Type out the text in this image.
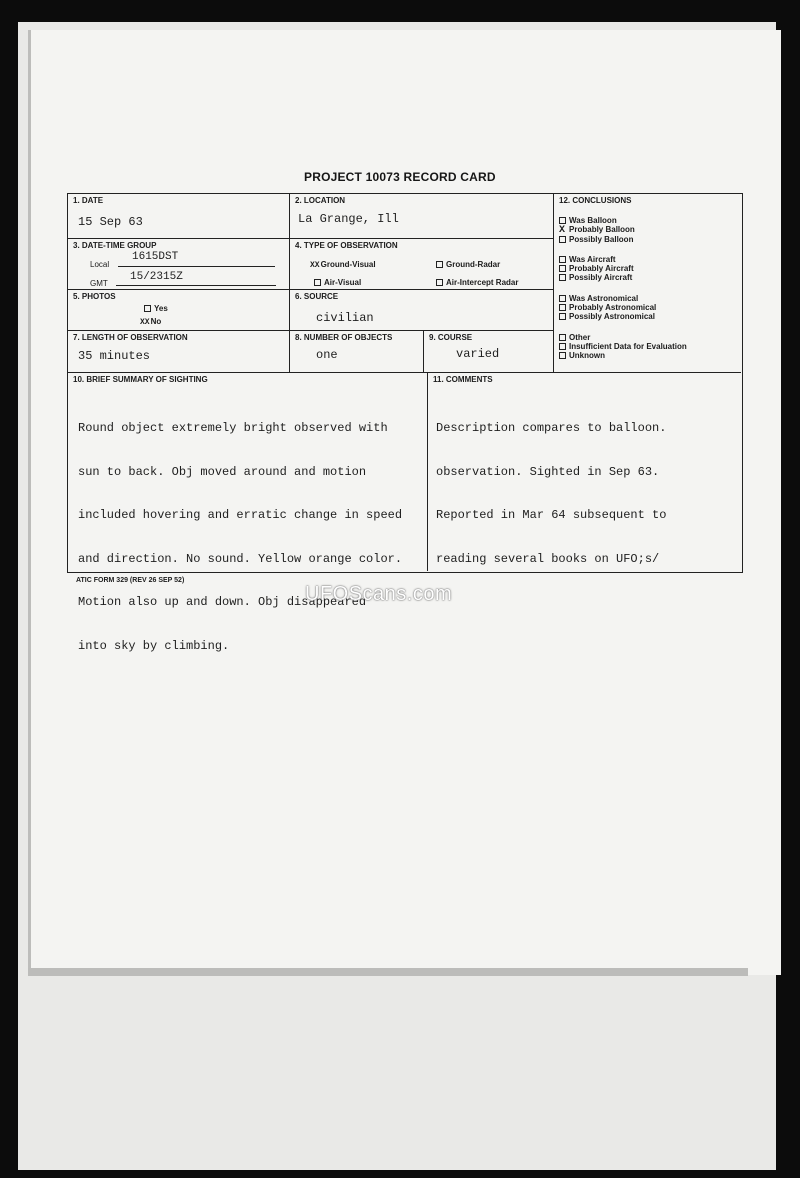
PROJECT 10073 RECORD CARD
1. DATE
15 Sep 63
2. LOCATION
La Grange, Ill
3. DATE-TIME GROUP
Local
1615DST
GMT
15/2315Z
4. TYPE OF OBSERVATION
XXGround-Visual	Ground-Radar
Air-Visual	Air-Intercept Radar
5. PHOTOS
Yes
XXNo
6. SOURCE
civilian
7. LENGTH OF OBSERVATION
35 minutes
8. NUMBER OF OBJECTS
one
9. COURSE
varied
12. CONCLUSIONS
Was Balloon
X Probably Balloon
Possibly Balloon
Was Aircraft
Probably Aircraft
Possibly Aircraft
Was Astronomical
Probably Astronomical
Possibly Astronomical
Other
Insufficient Data for Evaluation
Unknown
10. BRIEF SUMMARY OF SIGHTING

Round object extremely bright observed with

sun to back. Obj moved around and motion

included hovering and erratic change in speed

and direction. No sound. Yellow orange color.

Motion also up and down. Obj disappeared

into sky by climbing.

11. COMMENTS

Description compares to balloon.

observation. Sighted in Sep 63.

Reported in Mar 64 subsequent to

reading several books on UFO;s/

ATIC FORM 329 (REV 26 SEP 52)
UFOScans.com
